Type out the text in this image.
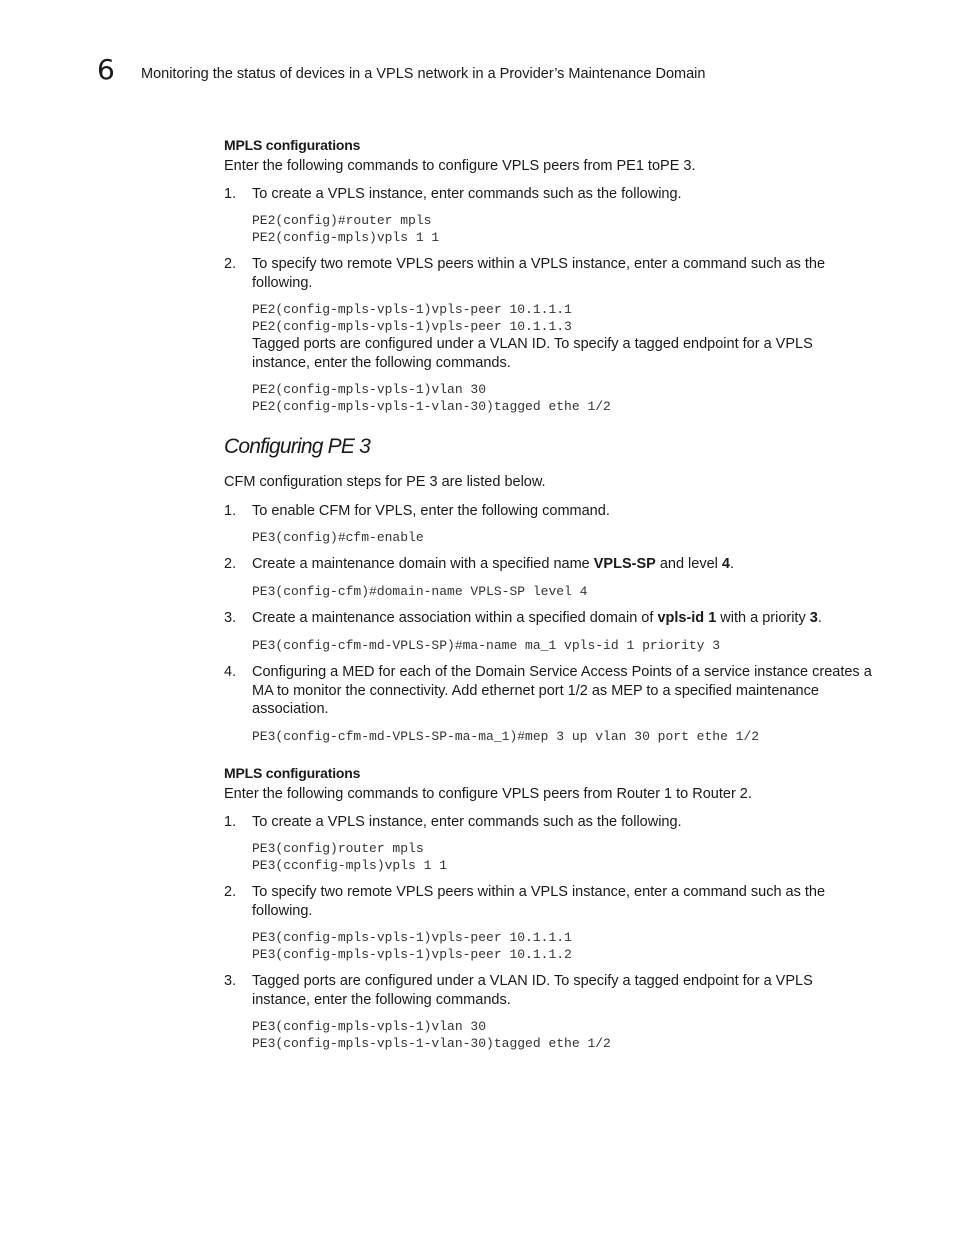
6 Monitoring the status of devices in a VPLS network in a Provider’s Maintenance Domain

MPLS configurations

Enter the following commands to configure VPLS peers from PE1 toPE 3.

1. To create a VPLS instance, enter commands such as the following.
PE2(config)#router mpls
PE2(config-mpls)vpls 1 1
2. To specify two remote VPLS peers within a VPLS instance, enter a command such as the following.
PE2(config-mpls-vpls-1)vpls-peer 10.1.1.1
PE2(config-mpls-vpls-1)vpls-peer 10.1.1.3
Tagged ports are configured under a VLAN ID. To specify a tagged endpoint for a VPLS instance, enter the following commands.
PE2(config-mpls-vpls-1)vlan 30
PE2(config-mpls-vpls-1-vlan-30)tagged ethe 1/2

Configuring PE 3

CFM configuration steps for PE 3 are listed below.

1. To enable CFM for VPLS, enter the following command.
PE3(config)#cfm-enable
2. Create a maintenance domain with a specified name VPLS-SP and level 4.
PE3(config-cfm)#domain-name VPLS-SP level 4
3. Create a maintenance association within a specified domain of vpls-id 1 with a priority 3.
PE3(config-cfm-md-VPLS-SP)#ma-name ma_1 vpls-id 1 priority 3
4. Configuring a MED for each of the Domain Service Access Points of a service instance creates a MA to monitor the connectivity. Add ethernet port 1/2 as MEP to a specified maintenance association.
PE3(config-cfm-md-VPLS-SP-ma-ma_1)#mep 3 up vlan 30 port ethe 1/2

MPLS configurations

Enter the following commands to configure VPLS peers from Router 1 to Router 2.

1. To create a VPLS instance, enter commands such as the following.
PE3(config)router mpls
PE3(cconfig-mpls)vpls 1 1
2. To specify two remote VPLS peers within a VPLS instance, enter a command such as the following.
PE3(config-mpls-vpls-1)vpls-peer 10.1.1.1
PE3(config-mpls-vpls-1)vpls-peer 10.1.1.2
3. Tagged ports are configured under a VLAN ID. To specify a tagged endpoint for a VPLS instance, enter the following commands.
PE3(config-mpls-vpls-1)vlan 30
PE3(config-mpls-vpls-1-vlan-30)tagged ethe 1/2
